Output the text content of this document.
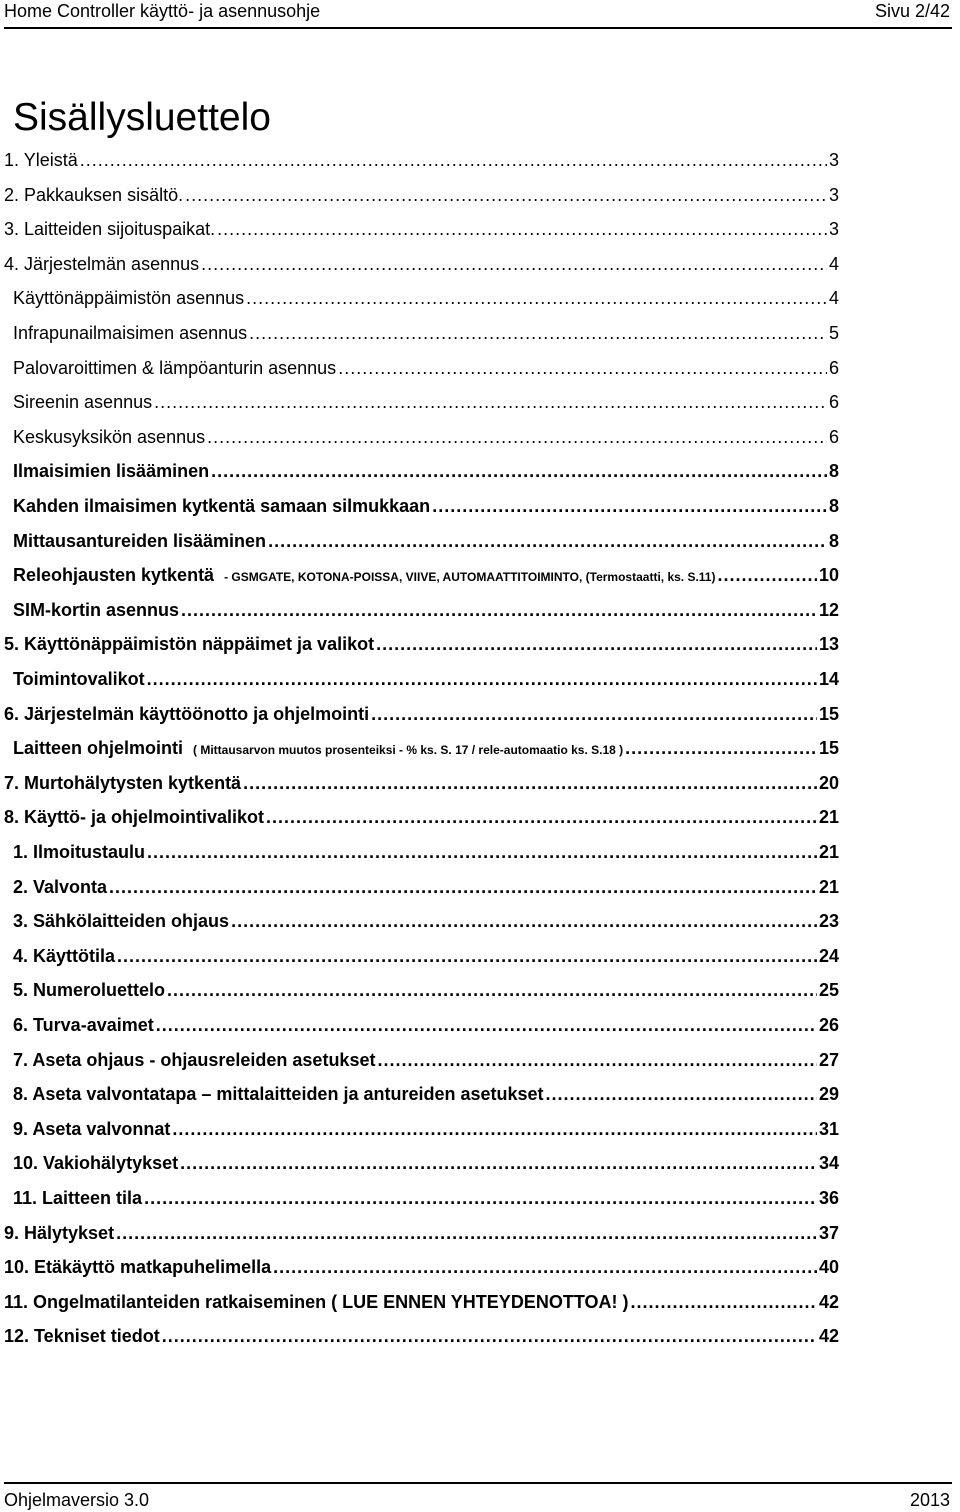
Home Controller käyttö- ja asennusohje	Sivu 2/42
Sisällysluettelo
1. Yleistä .....	3
2. Pakkauksen sisältö. .....	3
3. Laitteiden sijoituspaikat. .....	3
4. Järjestelmän asennus .....	4
Käyttönäppäimistön asennus .....	4
Infrapunailmaisimen asennus .....	5
Palovaroittimen & lämpöanturin asennus .....	6
Sireenin asennus .....	6
Keskusyksikön asennus .....	6
Ilmaisimien lisääminen .....	8
Kahden ilmaisimen kytkentä samaan silmukkaan .....	8
Mittausantureiden lisääminen .....	8
Releohjausten kytkentä - GSMGATE, KOTONA-POISSA, VIIVE, AUTOMAATTITOIMINTO, (Termostaatti, ks. S.11) .....	10
SIM-kortin asennus .....	12
5. Käyttönäppäimistön näppäimet ja valikot .....	13
Toimintovalikot .....	14
6. Järjestelmän käyttöönotto ja ohjelmointi .....	15
Laitteen ohjelmointi ( Mittausarvon muutos prosenteiksi - % ks. S. 17 / rele-automaatio ks. S.18 ) .....	15
7. Murtohälytysten kytkentä .....	20
8. Käyttö- ja ohjelmointivalikot .....	21
1. Ilmoitustaulu .....	21
2. Valvonta .....	21
3. Sähkölaitteiden ohjaus .....	23
4. Käyttötila .....	24
5. Numeroluettelo .....	25
6. Turva-avaimet .....	26
7. Aseta ohjaus - ohjausreleiden asetukset .....	27
8. Aseta valvontatapa – mittalaitteiden ja antureiden asetukset .....	29
9. Aseta valvonnat .....	31
10. Vakiohälytykset .....	34
11. Laitteen tila .....	36
9. Hälytykset .....	37
10. Etäkäyttö matkapuhelimella .....	40
11. Ongelmatilanteiden ratkaiseminen ( LUE ENNEN YHTEYDENOTTOA! ) .....	42
12. Tekniset tiedot .....	42
Ohjelmaversio 3.0	2013
